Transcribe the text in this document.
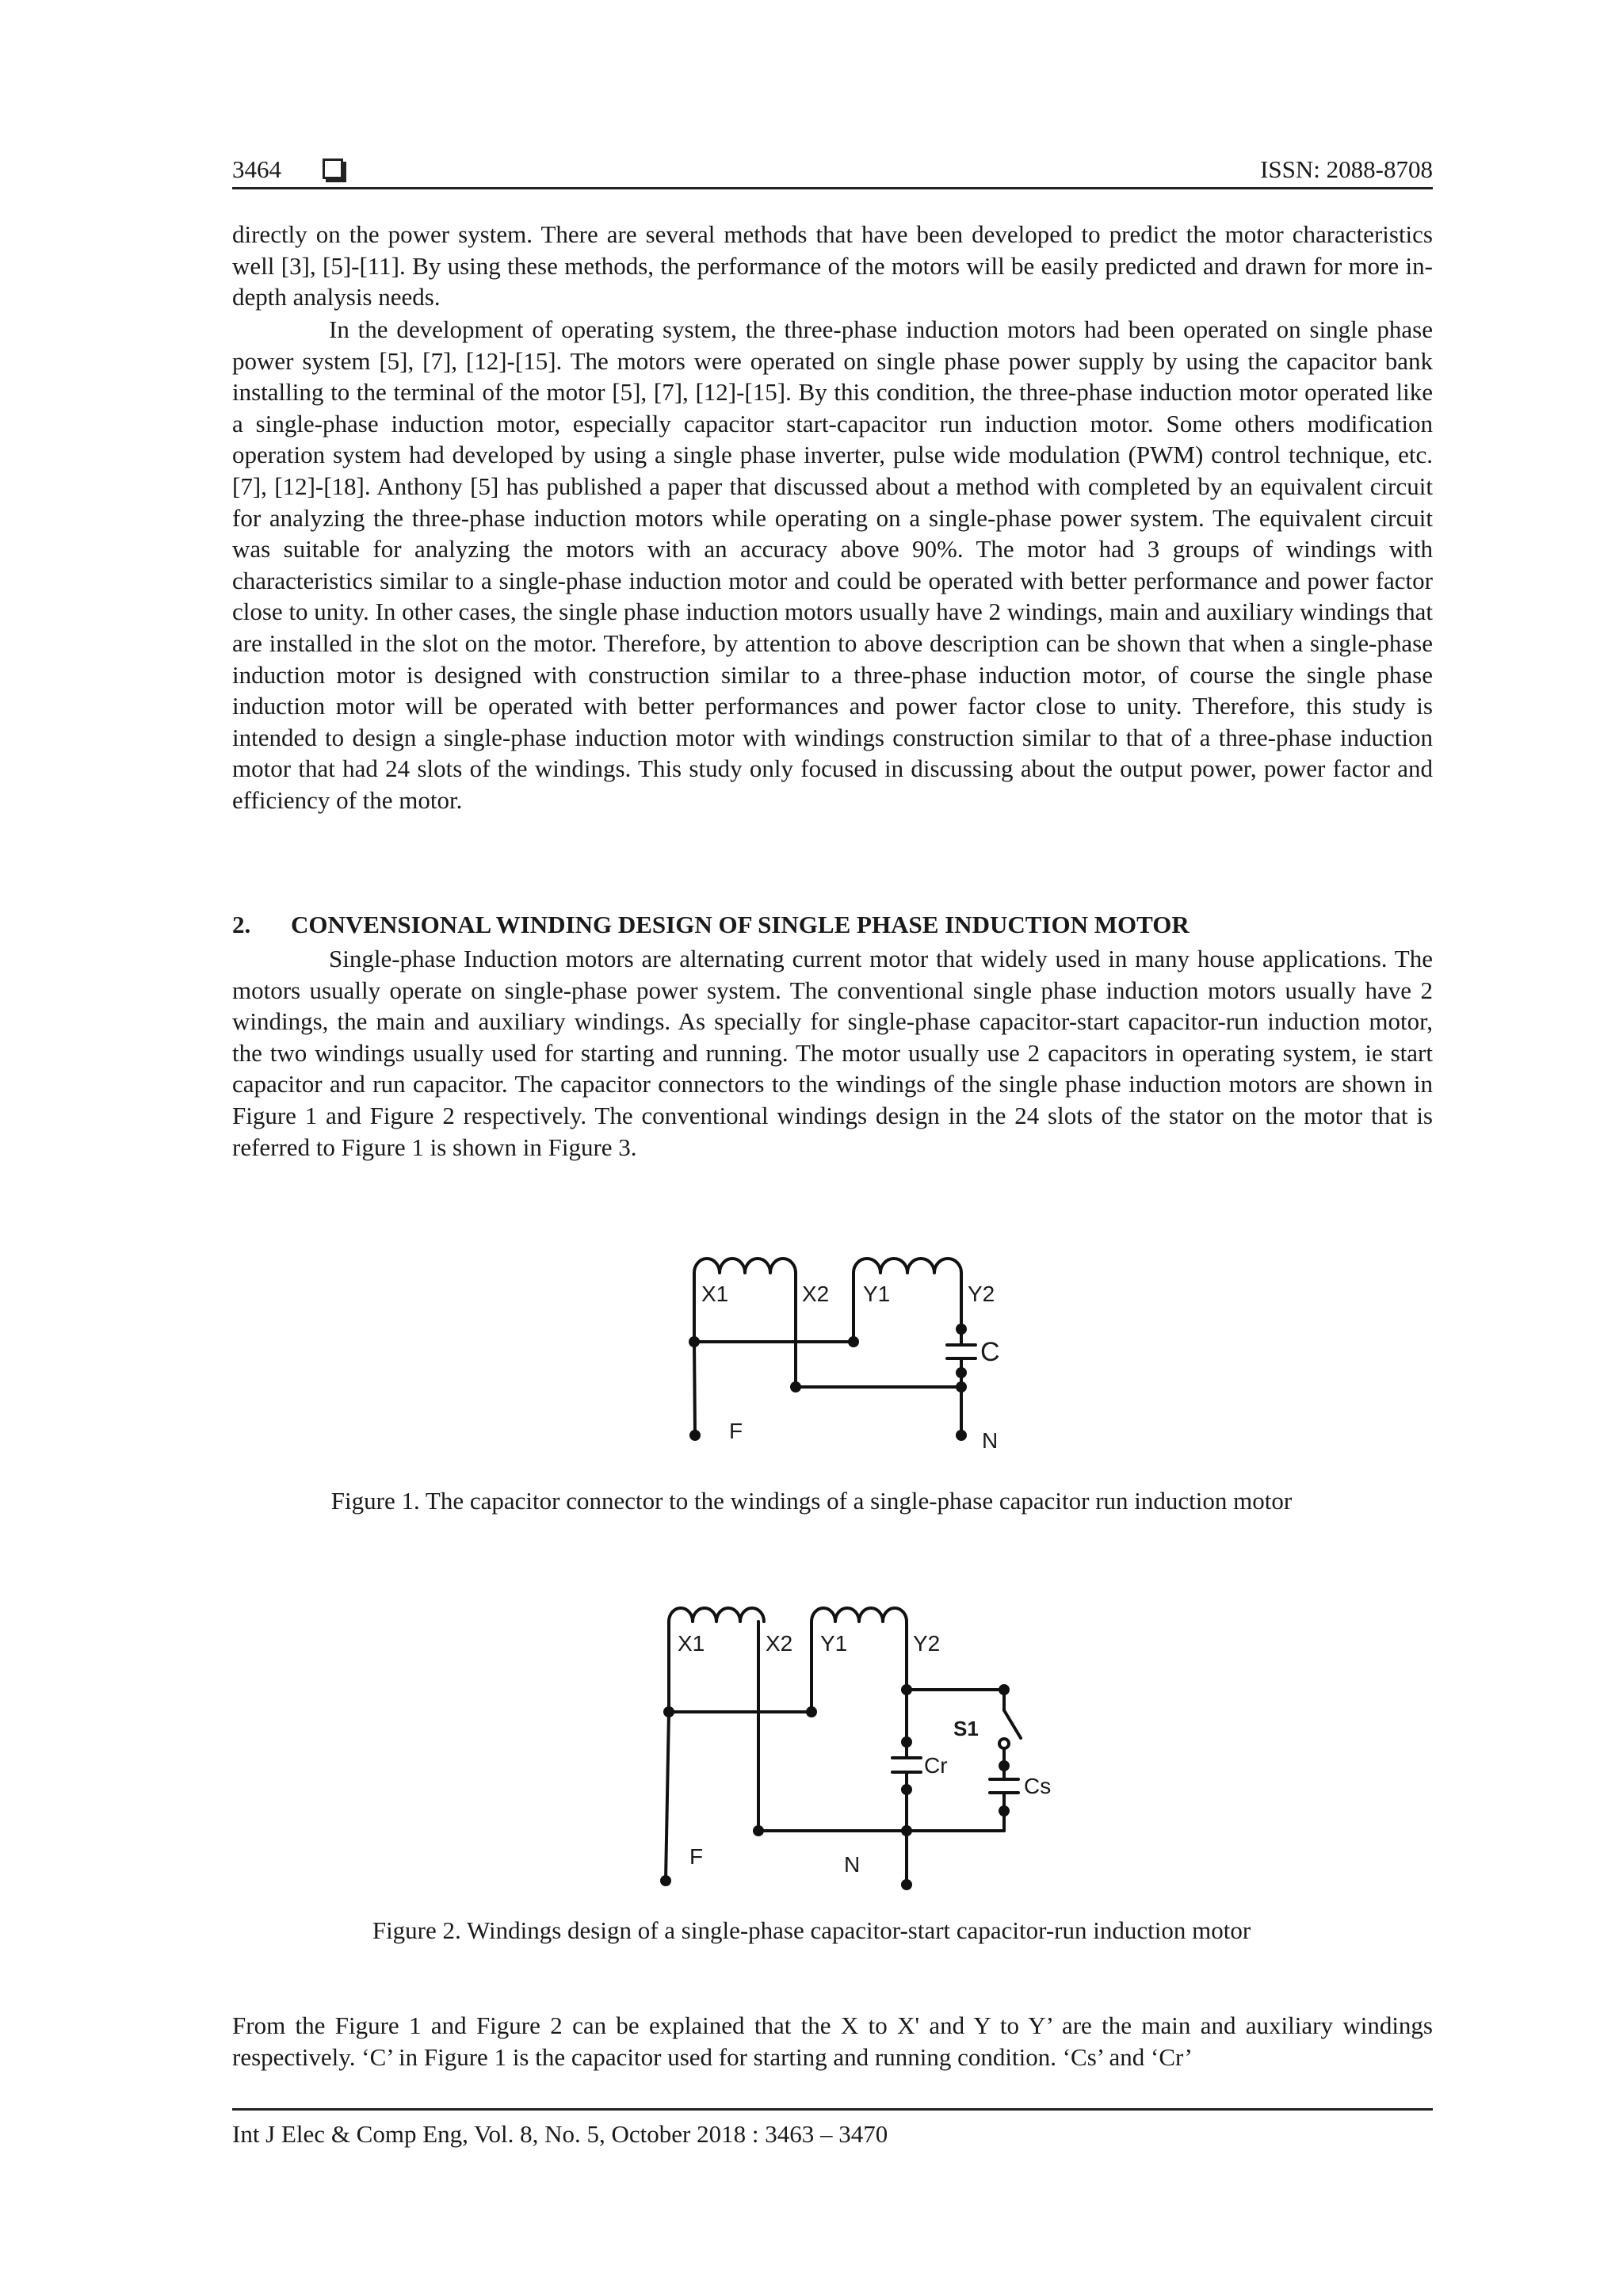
3464	ISSN: 2088-8708

directly on the power system. There are several methods that have been developed to predict the motor characteristics well [3], [5]-[11]. By using these methods, the performance of the motors will be easily predicted and drawn for more in-depth analysis needs.

In the development of operating system, the three-phase induction motors had been operated on single phase power system [5], [7], [12]-[15]. The motors were operated on single phase power supply by using the capacitor bank installing to the terminal of the motor [5], [7], [12]-[15]. By this condition, the three-phase induction motor operated like a single-phase induction motor, especially capacitor start-capacitor run induction motor. Some others modification operation system had developed by using a single phase inverter, pulse wide modulation (PWM) control technique, etc. [7], [12]-[18]. Anthony [5] has published a paper that discussed about a method with completed by an equivalent circuit for analyzing the three-phase induction motors while operating on a single-phase power system. The equivalent circuit was suitable for analyzing the motors with an accuracy above 90%. The motor had 3 groups of windings with characteristics similar to a single-phase induction motor and could be operated with better performance and power factor close to unity. In other cases, the single phase induction motors usually have 2 windings, main and auxiliary windings that are installed in the slot on the motor. Therefore, by attention to above description can be shown that when a single-phase induction motor is designed with construction similar to a three-phase induction motor, of course the single phase induction motor will be operated with better performances and power factor close to unity. Therefore, this study is intended to design a single-phase induction motor with windings construction similar to that of a three-phase induction motor that had 24 slots of the windings. This study only focused in discussing about the output power, power factor and efficiency of the motor.

2. CONVENSIONAL WINDING DESIGN OF SINGLE PHASE INDUCTION MOTOR

Single-phase Induction motors are alternating current motor that widely used in many house applications. The motors usually operate on single-phase power system. The conventional single phase induction motors usually have 2 windings, the main and auxiliary windings. As specially for single-phase capacitor-start capacitor-run induction motor, the two windings usually used for starting and running. The motor usually use 2 capacitors in operating system, ie start capacitor and run capacitor. The capacitor connectors to the windings of the single phase induction motors are shown in Figure 1 and Figure 2 respectively. The conventional windings design in the 24 slots of the stator on the motor that is referred to Figure 1 is shown in Figure 3.

X1	X2 Y1	Y2
C
F	N
Figure 1. The capacitor connector to the windings of a single-phase capacitor run induction motor
X1	X2 Y1	Y2
S1
Cr
Cs
F	N
Figure 2. Windings design of a single-phase capacitor-start capacitor-run induction motor

From the Figure 1 and Figure 2 can be explained that the X to X' and Y to Y’ are the main and auxiliary windings respectively. ‘C’ in Figure 1 is the capacitor used for starting and running condition. ‘Cs’ and ‘Cr’

Int J Elec & Comp Eng, Vol. 8, No. 5, October 2018 : 3463 – 3470
